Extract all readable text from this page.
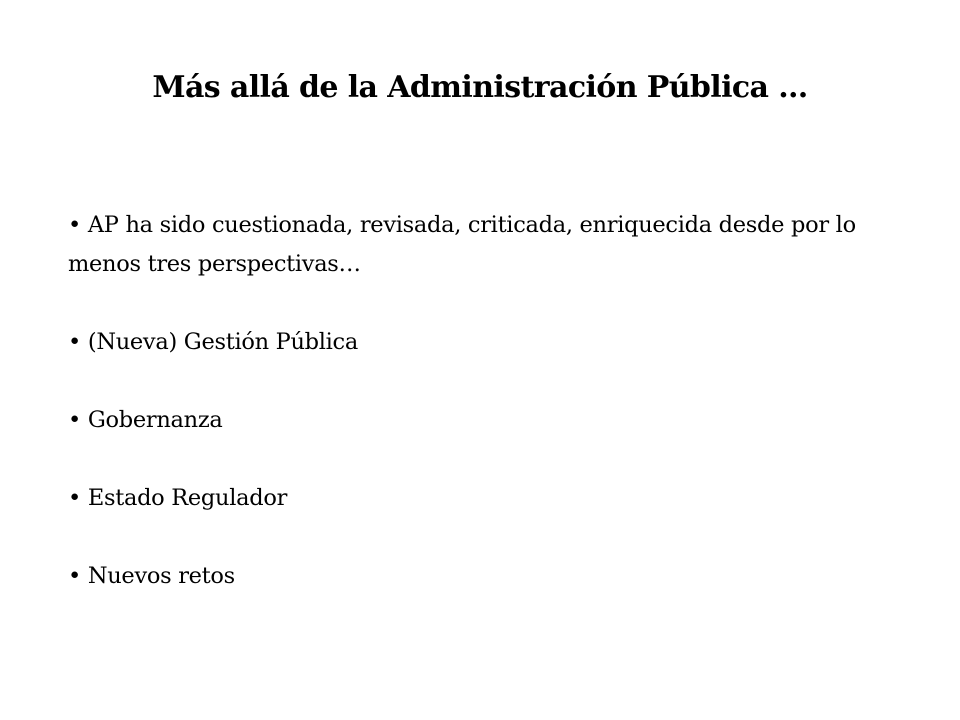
Más allá de la Administración Pública …
• AP ha sido cuestionada, revisada, criticada, enriquecida desde por lo menos tres perspectivas…
• (Nueva) Gestión Pública
• Gobernanza
• Estado Regulador
• Nuevos retos
